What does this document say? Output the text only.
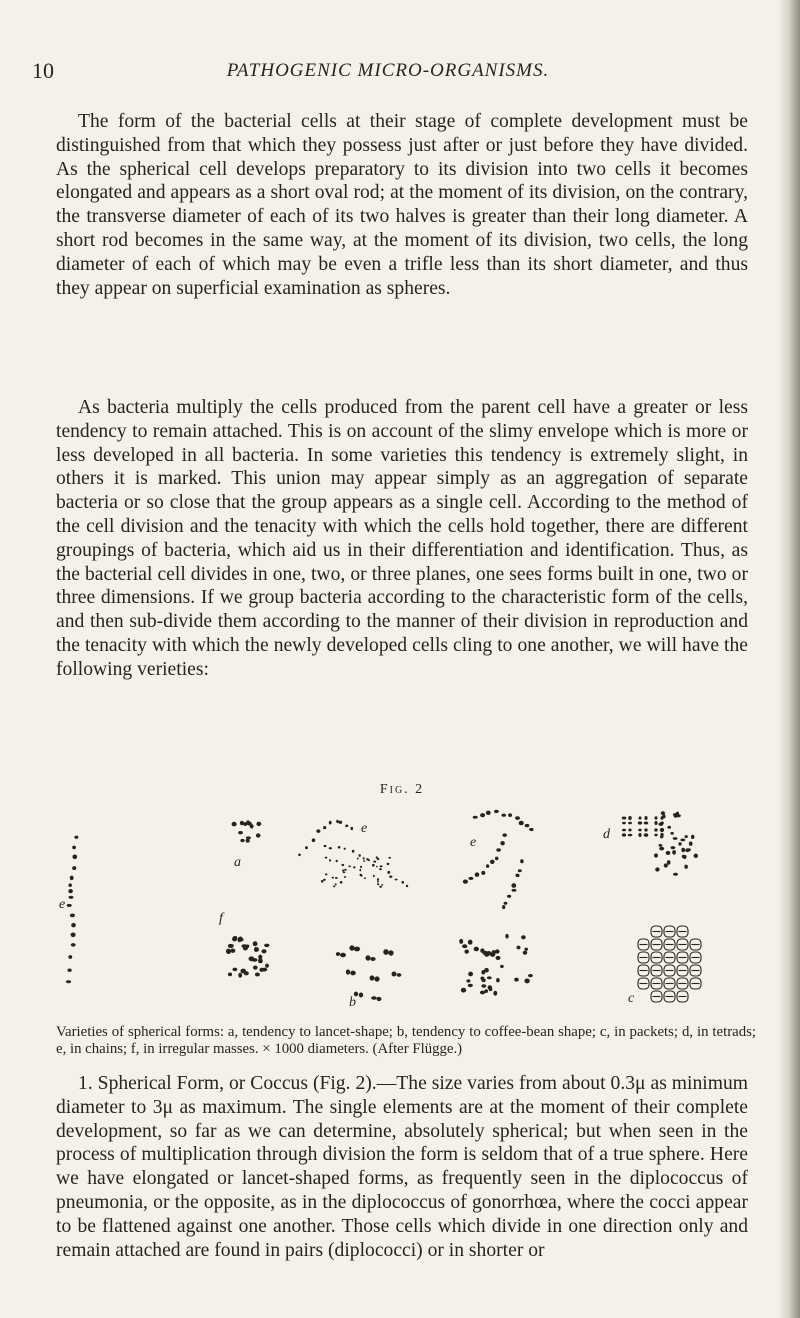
10	PATHOGENIC MICRO-ORGANISMS.

The form of the bacterial cells at their stage of complete development must be distinguished from that which they possess just after or just before they have divided. As the spherical cell develops preparatory to its division into two cells it becomes elongated and appears as a short oval rod; at the moment of its division, on the contrary, the transverse diameter of each of its two halves is greater than their long diameter. A short rod becomes in the same way, at the moment of its division, two cells, the long diameter of each of which may be even a trifle less than its short diameter, and thus they appear on superficial examination as spheres.

As bacteria multiply the cells produced from the parent cell have a greater or less tendency to remain attached. This is on account of the slimy envelope which is more or less developed in all bacteria. In some varieties this tendency is extremely slight, in others it is marked. This union may appear simply as an aggregation of separate bacteria or so close that the group appears as a single cell. According to the method of the cell division and the tenacity with which the cells hold together, there are different groupings of bacteria, which aid us in their differentiation and identification. Thus, as the bacterial cell divides in one, two, or three planes, one sees forms built in one, two or three dimensions. If we group bacteria according to the characteristic form of the cells, and then sub-divide them according to the manner of their division in reproduction and the tenacity with which the newly developed cells cling to one another, we will have the following verieties:

Fig. 2
a
b	c
d
e
e
e
f

Varieties of spherical forms: a, tendency to lancet-shape; b, tendency to coffee-bean shape; c, in packets; d, in tetrads; e, in chains; f, in irregular masses. × 1000 diameters. (After Flügge.)

1. Spherical Form, or Coccus (Fig. 2).—The size varies from about 0.3μ as minimum diameter to 3μ as maximum. The single elements are at the moment of their complete development, so far as we can determine, absolutely spherical; but when seen in the process of multiplication through division the form is seldom that of a true sphere. Here we have elongated or lancet-shaped forms, as frequently seen in the diplococcus of pneumonia, or the opposite, as in the diplococcus of gonorrhœa, where the cocci appear to be flattened against one another. Those cells which divide in one direction only and remain attached are found in pairs (diplococci) or in shorter or
